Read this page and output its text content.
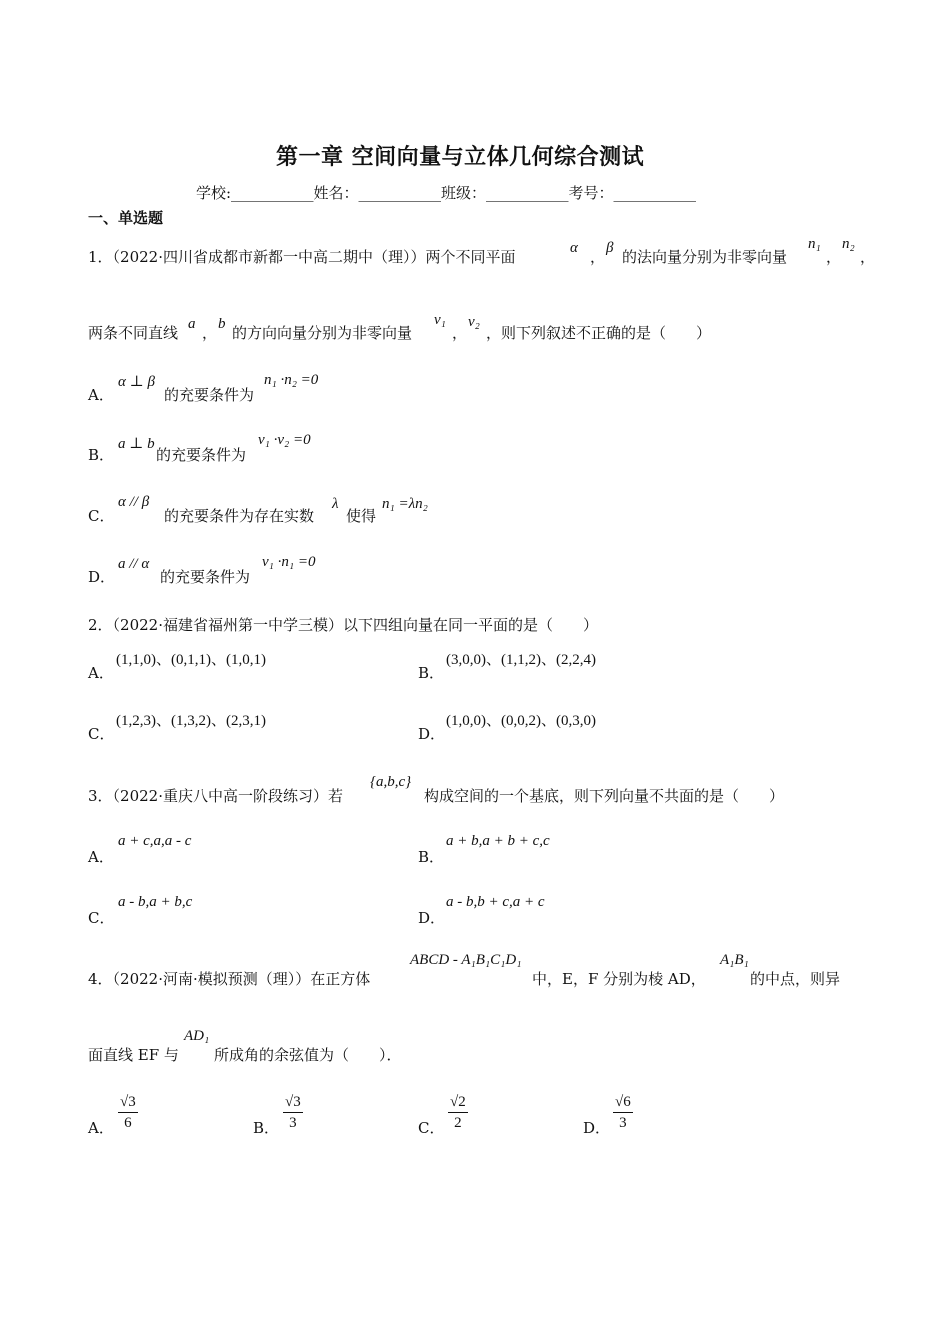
第一章 空间向量与立体几何综合测试
学校:___________姓名：___________班级：___________考号：___________
一、单选题
1．（2022·四川省成都市新都一中高二期中（理））两个不同平面	α ， β 的法向量分别为非零向量
n₁
，
n₂
，
两条不同直线 a ， b 的方向向量分别为非零向量
v₁
，
v₂
，则下列叙述不正确的是（　　）
A．
α ⊥ β
的充要条件为
n₁ ·n₂ =0
B．
a ⊥ b
的充要条件为
v₁ ·v₂ =0
C．
α // β
的充要条件为存在实数
λ
使得
n₁ =λn₂
D．
a // α
的充要条件为
v₁ ·n₁ =0
2．（2022·福建省福州第一中学三模）以下四组向量在同一平面的是（　　）
A．
(1,1,0)、(0,1,1)、(1,0,1)
B．
(3,0,0)、(1,1,2)、(2,2,4)
C．
(1,2,3)、(1,3,2)、(2,3,1)
D．
(1,0,0)、(0,0,2)、(0,3,0)
3．（2022·重庆八中高一阶段练习）若
{a,b,c}
构成空间的一个基底，则下列向量不共面的是（　　）
A．
a + c,a,a - c
B．
a + b,a + b + c,c
C．
a - b,a + b,c
D．
a - b,b + c,a + c
4．（2022·河南·模拟预测（理））在正方体
ABCD - A₁B₁C₁D₁
中，E，F 分别为棱 AD，
A₁B₁
的中点，则异
面直线 EF 与
AD₁
所成角的余弦值为（　　）．
A． $\frac{√3}{6}$	B． $\frac{√3}{3}$	C． $\frac{√2}{2}$	D． $\frac{√6}{3}$
